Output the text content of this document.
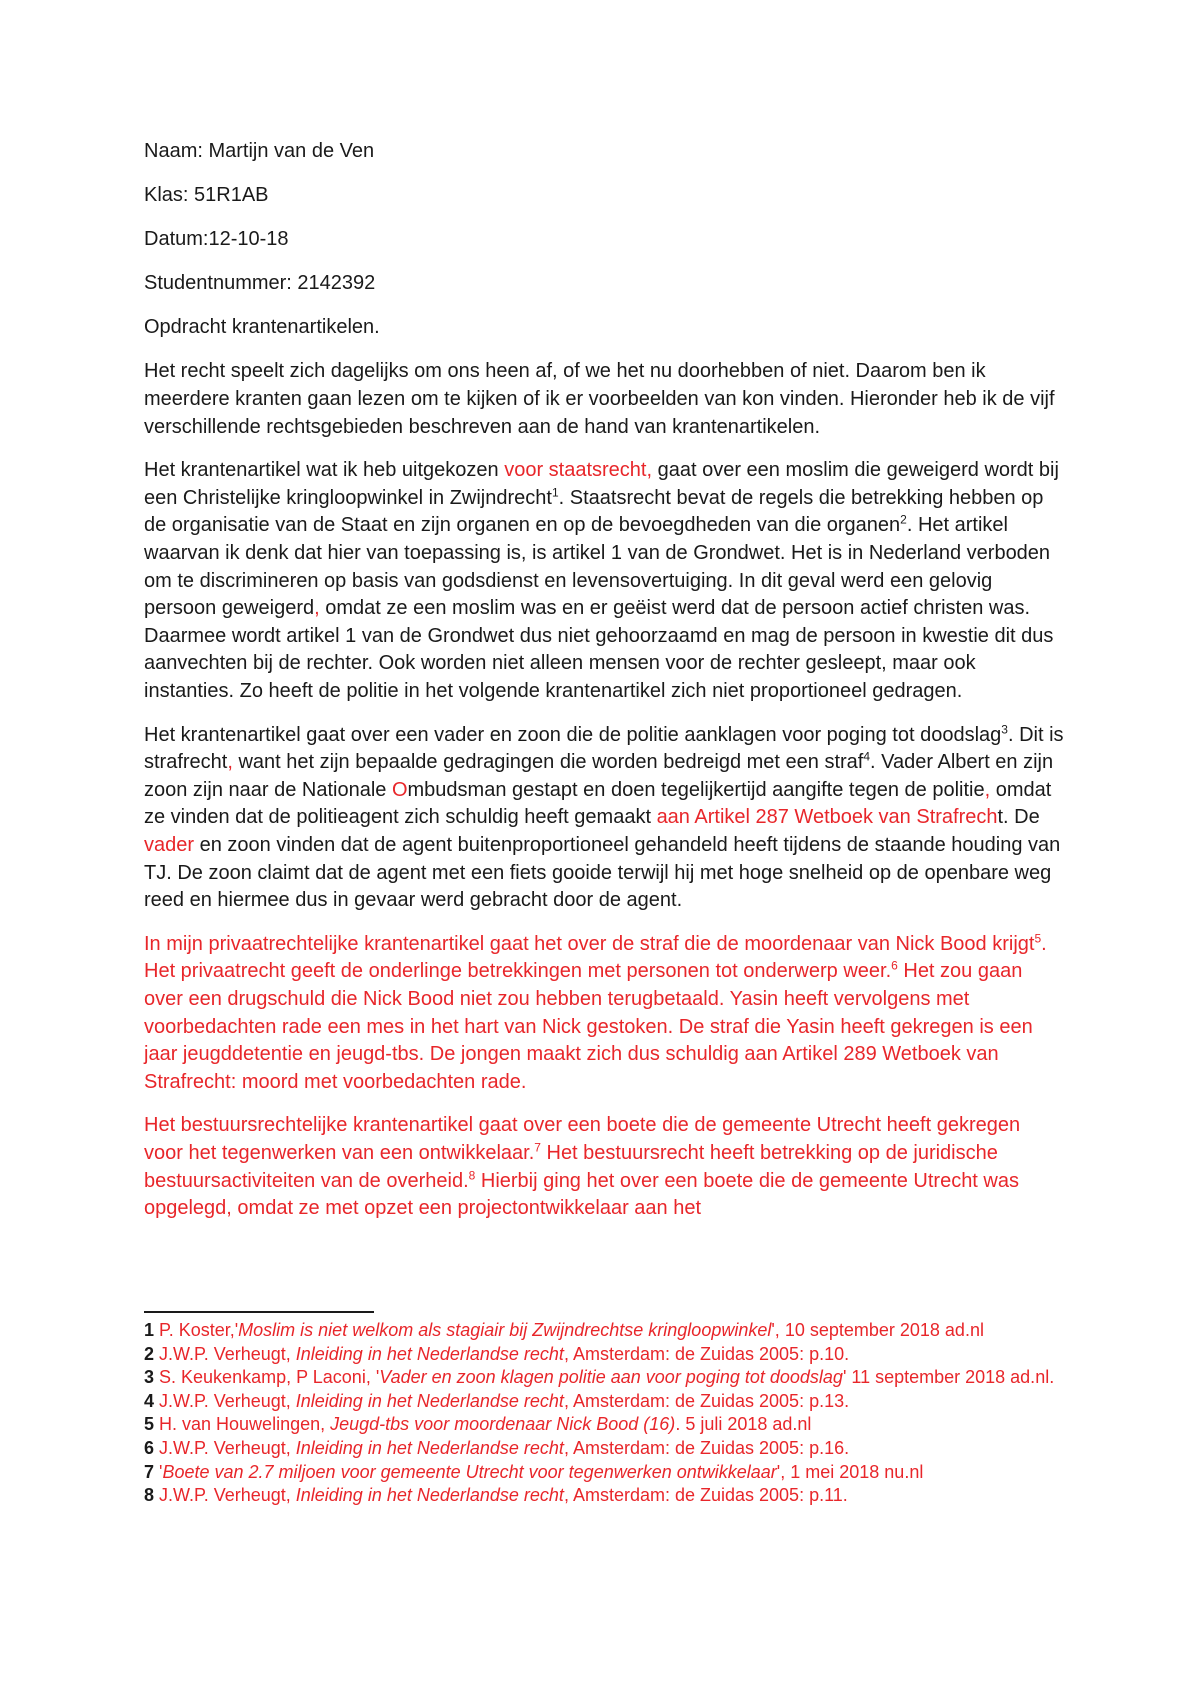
Naam: Martijn van de Ven

Klas: 51R1AB

Datum:12-10-18

Studentnummer: 2142392

Opdracht krantenartikelen.

Het recht speelt zich dagelijks om ons heen af, of we het nu doorhebben of niet. Daarom ben ik meerdere kranten gaan lezen om te kijken of ik er voorbeelden van kon vinden. Hieronder heb ik de vijf verschillende rechtsgebieden beschreven aan de hand van krantenartikelen.

Het krantenartikel wat ik heb uitgekozen voor staatsrecht, gaat over een moslim die geweigerd wordt bij een Christelijke kringloopwinkel in Zwijndrecht$^1$. Staatsrecht bevat de regels die betrekking hebben op de organisatie van de Staat en zijn organen en op de bevoegdheden van die organen$^2$. Het artikel waarvan ik denk dat hier van toepassing is, is artikel 1 van de Grondwet. Het is in Nederland verboden om te discrimineren op basis van godsdienst en levensovertuiging. In dit geval werd een gelovig persoon geweigerd, omdat ze een moslim was en er geëist werd dat de persoon actief christen was. Daarmee wordt artikel 1 van de Grondwet dus niet gehoorzaamd en mag de persoon in kwestie dit dus aanvechten bij de rechter. Ook worden niet alleen mensen voor de rechter gesleept, maar ook instanties. Zo heeft de politie in het volgende krantenartikel zich niet proportioneel gedragen.

Het krantenartikel gaat over een vader en zoon die de politie aanklagen voor poging tot doodslag$^3$. Dit is strafrecht, want het zijn bepaalde gedragingen die worden bedreigd met een straf$^4$. Vader Albert en zijn zoon zijn naar de Nationale Ombudsman gestapt en doen tegelijkertijd aangifte tegen de politie, omdat ze vinden dat de politieagent zich schuldig heeft gemaakt aan Artikel 287 Wetboek van Strafrecht. De vader en zoon vinden dat de agent buitenproportioneel gehandeld heeft tijdens de staande houding van TJ. De zoon claimt dat de agent met een fiets gooide terwijl hij met hoge snelheid op de openbare weg reed en hiermee dus in gevaar werd gebracht door de agent.

In mijn privaatrechtelijke krantenartikel gaat het over de straf die de moordenaar van Nick Bood krijgt$^5$. Het privaatrecht geeft de onderlinge betrekkingen met personen tot onderwerp weer.$^6$ Het zou gaan over een drugschuld die Nick Bood niet zou hebben terugbetaald. Yasin heeft vervolgens met voorbedachten rade een mes in het hart van Nick gestoken. De straf die Yasin heeft gekregen is een jaar jeugddetentie en jeugd-tbs. De jongen maakt zich dus schuldig aan Artikel 289 Wetboek van Strafrecht: moord met voorbedachten rade.

Het bestuursrechtelijke krantenartikel gaat over een boete die de gemeente Utrecht heeft gekregen voor het tegenwerken van een ontwikkelaar.$^7$ Het bestuursrecht heeft betrekking op de juridische bestuursactiviteiten van de overheid.$^8$ Hierbij ging het over een boete die de gemeente Utrecht was opgelegd, omdat ze met opzet een projectontwikkelaar aan het

1 P. Koster,'Moslim is niet welkom als stagiair bij Zwijndrechtse kringloopwinkel', 10 september 2018 ad.nl

2 J.W.P. Verheugt, Inleiding in het Nederlandse recht, Amsterdam: de Zuidas 2005: p.10.

3 S. Keukenkamp, P Laconi, 'Vader en zoon klagen politie aan voor poging tot doodslag' 11 september 2018 ad.nl.

4 J.W.P. Verheugt, Inleiding in het Nederlandse recht, Amsterdam: de Zuidas 2005: p.13.

5 H. van Houwelingen, Jeugd-tbs voor moordenaar Nick Bood (16). 5 juli 2018 ad.nl

6 J.W.P. Verheugt, Inleiding in het Nederlandse recht, Amsterdam: de Zuidas 2005: p.16.

7 'Boete van 2.7 miljoen voor gemeente Utrecht voor tegenwerken ontwikkelaar', 1 mei 2018 nu.nl

8 J.W.P. Verheugt, Inleiding in het Nederlandse recht, Amsterdam: de Zuidas 2005: p.11.
